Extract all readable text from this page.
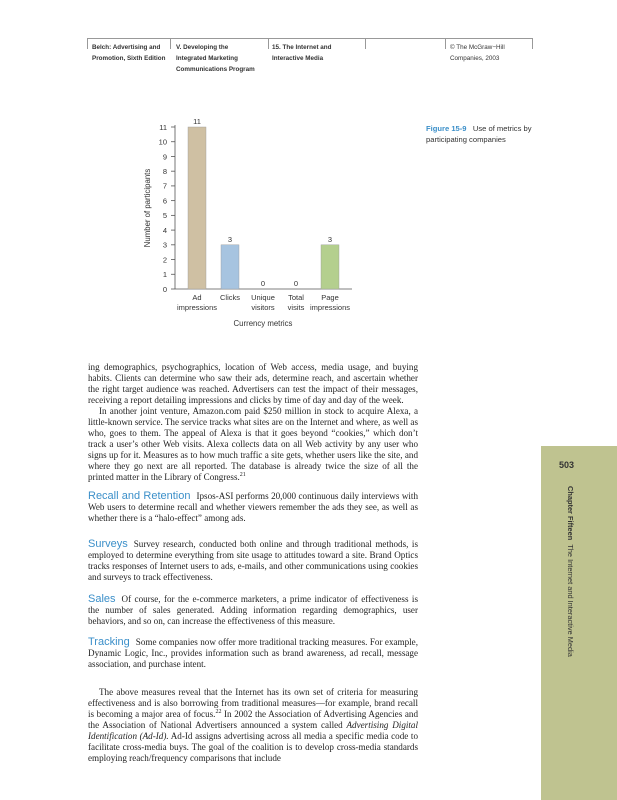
Belch: Advertising and
Promotion, Sixth Edition
V. Developing the
Integrated Marketing
Communications Program
15. The Internet and
Interactive Media
© The McGraw−Hill
Companies, 2003
0
1
2
3
4
5
6
7
8
9
10
11
Number of participants
11
Ad
impressions
3
Clicks
0
Unique
visitors
0
Total
visits
3
Page
impressions
Currency metrics
Figure 15-9 Use of metrics by participating companies

ing demographics, psychographics, location of Web access, media usage, and buying habits. Clients can determine who saw their ads, determine reach, and ascertain whether the right target audience was reached. Advertisers can test the impact of their messages, receiving a report detailing impressions and clicks by time of day and day of the week.

In another joint venture, Amazon.com paid $250 million in stock to acquire Alexa, a little-known service. The service tracks what sites are on the Internet and where, as well as who, goes to them. The appeal of Alexa is that it goes beyond “cookies,” which don’t track a user’s other Web visits. Alexa collects data on all Web activity by any user who signs up for it. Measures as to how much traffic a site gets, whether users like the site, and where they go next are all reported. The database is already twice the size of all the printed matter in the Library of Congress.$^{21}$

Recall and Retention Ipsos-ASI performs 20,000 continuous daily interviews with Web users to determine recall and whether viewers remember the ads they see, as well as whether there is a “halo-effect” among ads.
Surveys Survey research, conducted both online and through traditional methods, is employed to determine everything from site usage to attitudes toward a site. Brand Optics tracks responses of Internet users to ads, e-mails, and other communications using cookies and surveys to track effectiveness.
Sales Of course, for the e-commerce marketers, a prime indicator of effectiveness is the number of sales generated. Adding information regarding demographics, user behaviors, and so on, can increase the effectiveness of this measure.
Tracking Some companies now offer more traditional tracking measures. For example, Dynamic Logic, Inc., provides information such as brand awareness, ad recall, message association, and purchase intent.

The above measures reveal that the Internet has its own set of criteria for measuring effectiveness and is also borrowing from traditional measures—for example, brand recall is becoming a major area of focus.$^{22}$ In 2002 the Association of Advertising Agencies and the Association of National Advertisers announced a system called Advertising Digital Identification (Ad-Id). Ad-Id assigns advertising across all media a specific media code to facilitate cross-media buys. The goal of the coalition is to develop cross-media standards employing reach/frequency comparisons that include

503
Chapter Fifteen  The Internet and Interactive Media
